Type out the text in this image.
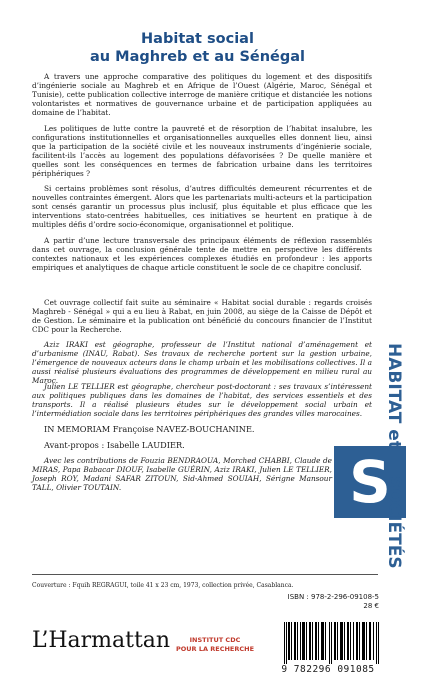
Habitat social
au Maghreb et au Sénégal

A travers une approche comparative des politiques du logement et des dispositifs d’ingénierie sociale au Maghreb et en Afrique de l’Ouest (Algérie, Maroc, Sénégal et Tunisie), cette publication collective interroge de manière critique et distanciée les notions volontaristes et normatives de gouvernance urbaine et de participation appliquées au domaine de l’habitat.

Les politiques de lutte contre la pauvreté et de résorption de l’habitat insalubre, les configurations institutionnelles et organisationnelles auxquelles elles donnent lieu, ainsi que la participation de la société civile et les nouveaux instruments d’ingénierie sociale, facilitent-ils l’accès au logement des populations défavorisées ? De quelle manière et quelles sont les conséquences en termes de fabrication urbaine dans les territoires périphériques ?

Si certains problèmes sont résolus, d’autres difficultés demeurent récurrentes et de nouvelles contraintes émergent. Alors que les partenariats multi-acteurs et la participation sont censés garantir un processus plus inclusif, plus équitable et plus efficace que les interventions stato-centrées habituelles, ces initiatives se heurtent en pratique à de multiples défis d’ordre socio-économique, organisationnel et politique.

A partir d’une lecture transversale des principaux éléments de réflexion rassemblés dans cet ouvrage, la conclusion générale tente de mettre en perspective les différents contextes nationaux et les expériences complexes étudiés en profondeur : les apports empiriques et analytiques de chaque article constituent le socle de ce chapitre conclusif.

Cet ouvrage collectif fait suite au séminaire « Habitat social durable : regards croisés Maghreb - Sénégal » qui a eu lieu à Rabat, en juin 2008, au siège de la Caisse de Dépôt et de Gestion. Le séminaire et la publication ont bénéficié du concours financier de l’Institut CDC pour la Recherche.

Aziz IRAKI est géographe, professeur de l’Institut national d’aménagement et d’urbanisme (INAU, Rabat). Ses travaux de recherche portent sur la gestion urbaine, l’émergence de nouveaux acteurs dans le champ urbain et les mobilisations collectives. Il a aussi réalisé plusieurs évaluations des programmes de développement en milieu rural au Maroc.

Julien LE TELLIER est géographe, chercheur post-doctorant : ses travaux s’intéressent aux politiques publiques dans les domaines de l’habitat, des services essentiels et des transports. Il a réalisé plusieurs études sur le développement social urbain et l’intermédiation sociale dans les territoires périphériques des grandes villes marocaines.

IN MEMORIAM Françoise NAVEZ-BOUCHANINE.

Avant-propos : Isabelle LAUDIER.

Avec les contributions de Fouzia BENDRAOUA, Morched CHABBI, Claude de MIRAS, Papa Babacar DIOUF, Isabelle GUÉRIN, Aziz IRAKI, Julien LE TELLIER, Joseph ROY, Madani SAFAR ZITOUN, Sid-Ahmed SOUIAH, Sérigne Mansour TALL, Olivier TOUTAIN.	S
HABITAT et
SOCIÉTÉS
Couverture : Fquih REGRAGUI, toile 41 x 23 cm, 1973, collection privée, Casablanca.
ISBN : 978-2-296-09108-5
28 €
L’Harmattan	INSTITUT CDC
POUR LA RECHERCHE
9 782296 091085
